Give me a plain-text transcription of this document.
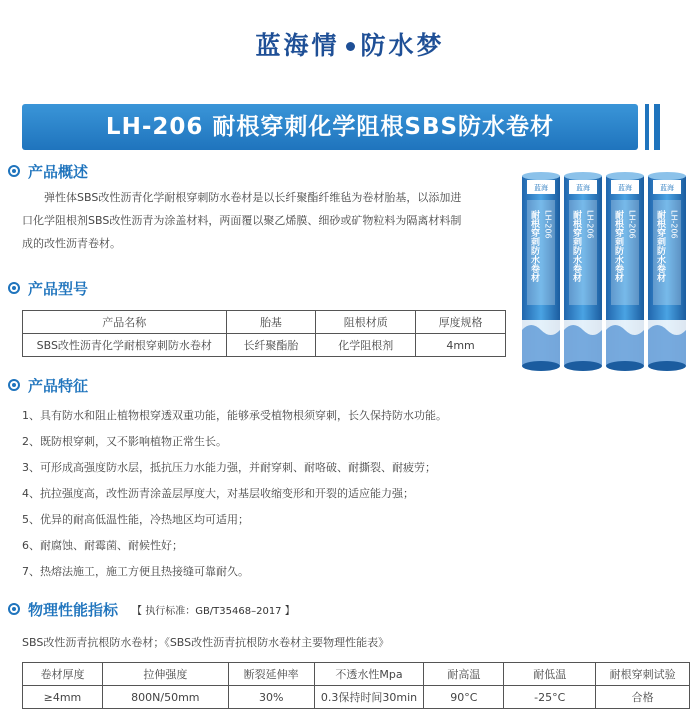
蓝海情 防水梦
LH-206 耐根穿刺化学阻根SBS防水卷材
产品概述

弹性体SBS改性沥青化学耐根穿刺防水卷材是以长纤聚酯纤维毡为卷材胎基，以添加进口化学阻根剂SBS改性沥青为涂盖材料，两面覆以聚乙烯膜、细砂或矿物粒料为隔离材料制成的改性沥青卷材。

蓝海
耐根穿刺防水卷材 LH-206
产品型号
产品名称	胎基	阻根材质	厚度规格
SBS改性沥青化学耐根穿刺防水卷材	长纤聚酯胎	化学阻根剂	4mm
产品特征
1、具有防水和阻止植物根穿透双重功能，能够承受植物根须穿刺，长久保持防水功能。
2、既防根穿刺，又不影响植物正常生长。
3、可形成高强度防水层，抵抗压力水能力强，并耐穿刺、耐咯破、耐撕裂、耐疲劳；
4、抗拉强度高，改性沥青涂盖层厚度大，对基层收缩变形和开裂的适应能力强；
5、优异的耐高低温性能，冷热地区均可适用；
6、耐腐蚀、耐霉菌、耐候性好；
7、热熔法施工，施工方便且热接缝可靠耐久。
物理性能指标 【 执行标准：GB/T35468–2017 】
SBS改性沥青抗根防水卷材；《SBS改性沥青抗根防水卷材主要物理性能表》
卷材厚度	拉伸强度	断裂延伸率	不透水性Mpa	耐高温	耐低温	耐根穿刺试验
≥4mm	800N/50mm	30%	0.3保持时间30min	90°C	-25°C	合格
